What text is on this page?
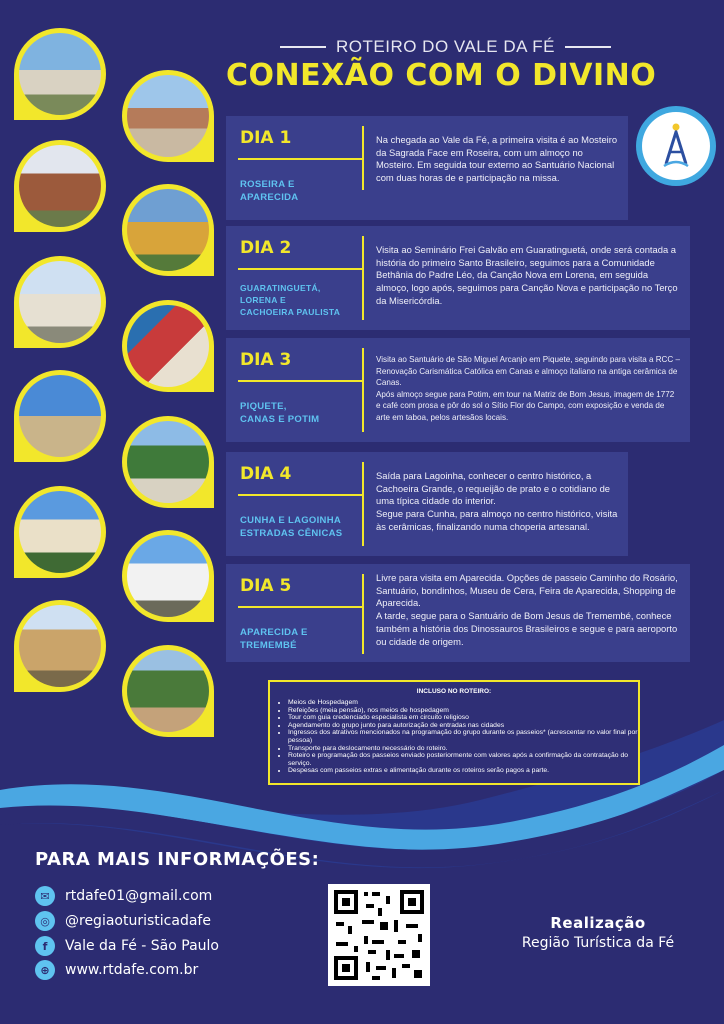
ROTEIRO DO VALE DA FÉ
CONEXÃO COM O DIVINO
DIA 1
ROSEIRA E
APARECIDA
Na chegada ao Vale da Fé, a primeira visita é ao Mosteiro da Sagrada Face em Roseira, com um almoço no Mosteiro. Em seguida tour externo ao Santuário Nacional com duas horas de e participação na missa.
DIA 2
GUARATINGUETÁ,
LORENA E
CACHOEIRA PAULISTA
Visita ao Seminário Frei Galvão em Guaratinguetá, onde será contada a história do primeiro Santo Brasileiro, seguimos para a Comunidade Bethânia do Padre Léo, da Canção Nova em Lorena, em seguida almoço, logo após, seguimos para Canção Nova e participação no Terço da Misericórdia.
DIA 3
PIQUETE,
CANAS E POTIM
Visita ao Santuário de São Miguel Arcanjo em Piquete, seguindo para visita a RCC – Renovação Carismática Católica em Canas e almoço italiano na antiga cerâmica de Canas.
Após almoço segue para Potim, em tour na Matriz de Bom Jesus, imagem de 1772 e café com prosa e pôr do sol o Sítio Flor do Campo, com exposição e venda de arte em taboa, pelos artesãos locais.
DIA 4
CUNHA E LAGOINHA
ESTRADAS CÊNICAS
Saída para Lagoinha, conhecer o centro histórico, a Cachoeira Grande, o requeijão de prato e o cotidiano de uma típica cidade do interior.
Segue para Cunha, para almoço no centro histórico, visita às cerâmicas, finalizando numa choperia artesanal.
DIA 5
APARECIDA E
TREMEMBÉ
Livre para visita em Aparecida. Opções de passeio Caminho do Rosário, Santuário, bondinhos, Museu de Cera, Feira de Aparecida, Shopping de Aparecida.
A tarde, segue para o Santuário de Bom Jesus de Tremembé, conhece também a história dos Dinossauros Brasileiros e segue e para aeroporto ou cidade de origem.
INCLUSO NO ROTEIRO:
• Meios de Hospedagem
• Refeições (meia pensão), nos meios de hospedagem
• Tour com guia credenciado especialista em circuito religioso
• Agendamento do grupo junto para autorização de entradas nas cidades
• Ingressos dos atrativos mencionados na programação do grupo durante os passeios* (acrescentar no valor final por pessoa)
• Transporte para deslocamento necessário do roteiro.
• Roteiro e programação dos passeios enviado posteriormente com valores após a confirmação da contratação do serviço.
• Despesas com passeios extras e alimentação durante os roteiros serão pagos a parte.
PARA MAIS INFORMAÇÕES:
✉	rtdafe01@gmail.com
◎	@regiaoturisticadafe
f	Vale da Fé - São Paulo
⊕	www.rtdafe.com.br
Realização
Região Turística da Fé
